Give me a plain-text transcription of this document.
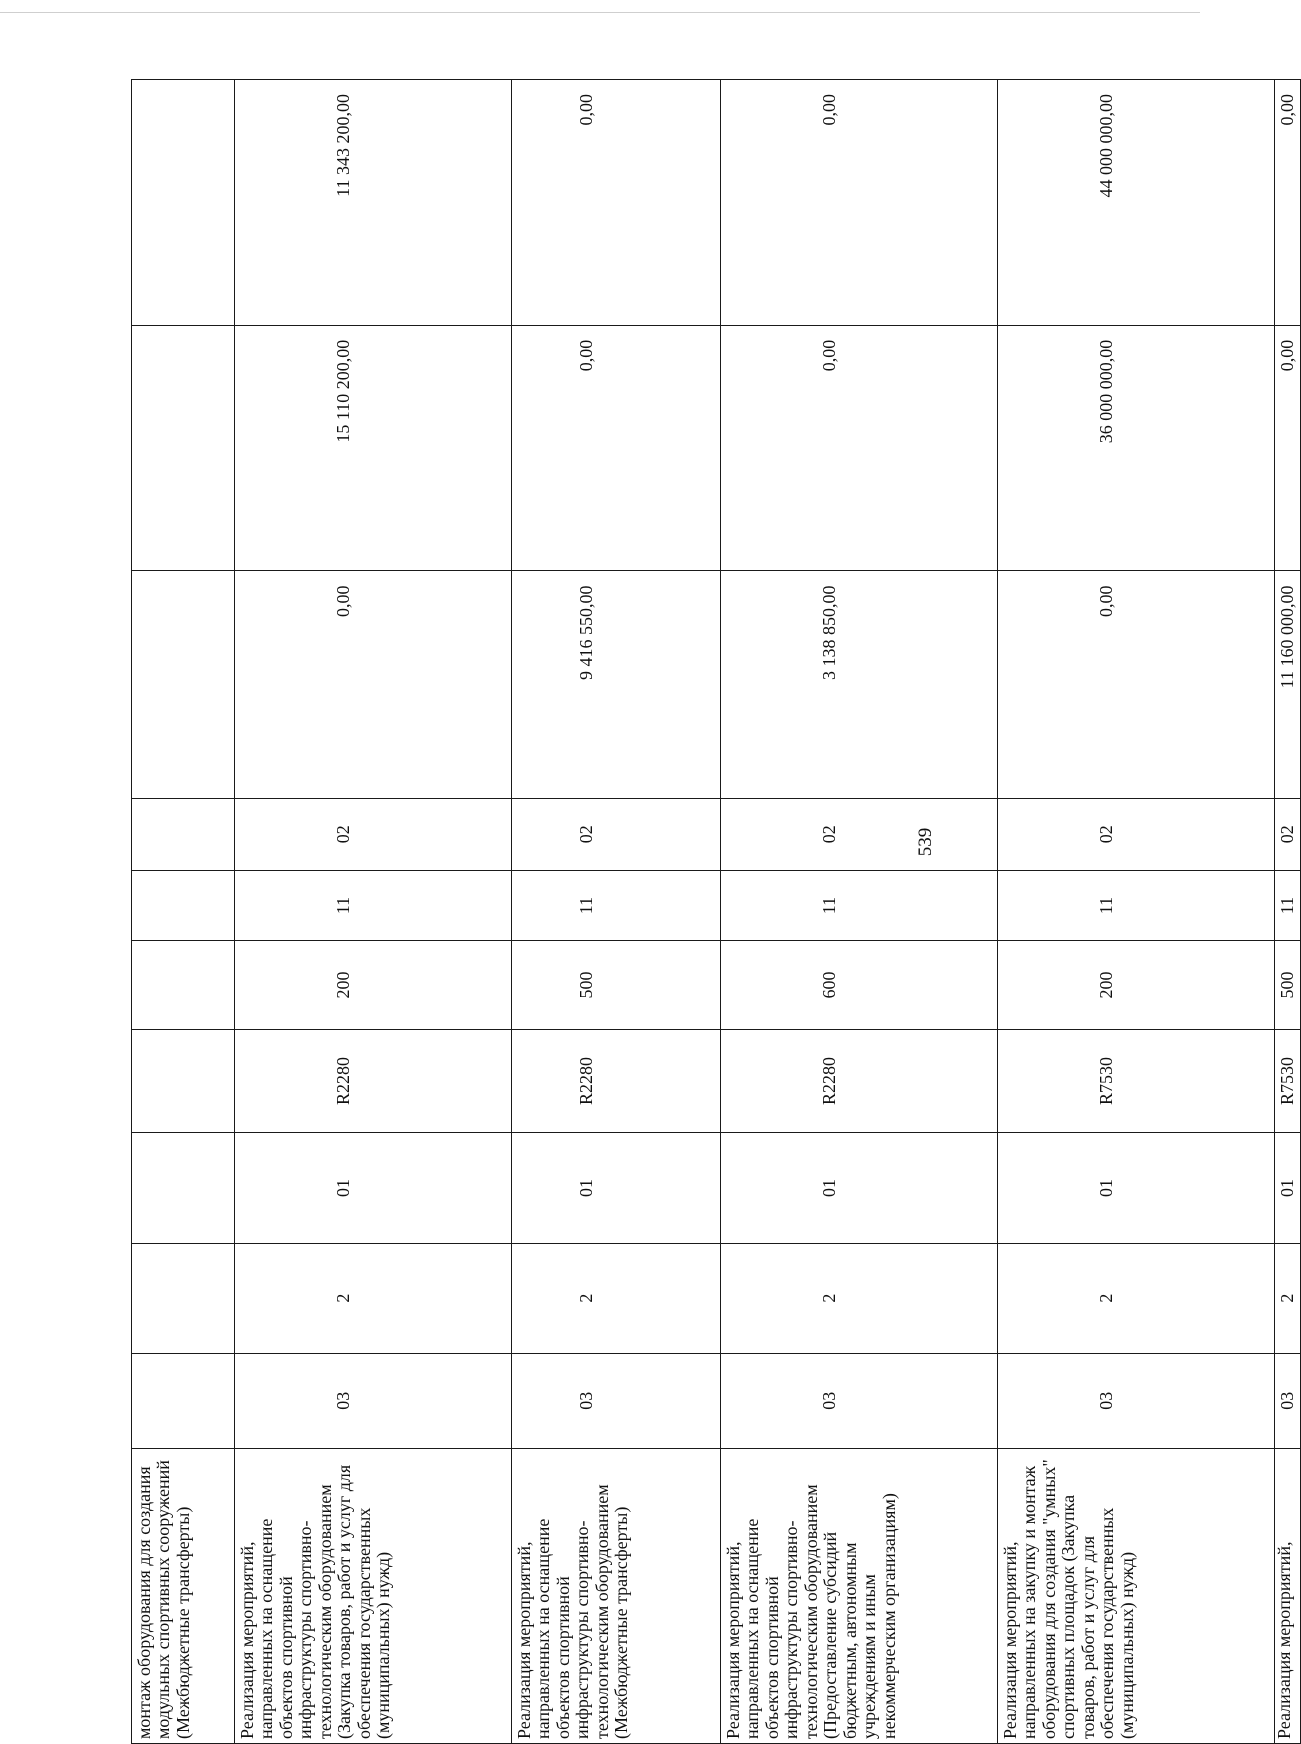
539
монтаж оборудования для создания модульных спортивных сооружений (Межбюджетные трансферты)										
Реализация мероприятий, направленных на оснащение объектов спортивной инфраструктуры спортивно-технологическим оборудованием (Закупка товаров, работ и услуг для обеспечения государственных (муниципальных) нужд)	03	2	01	R2280	200	11	02	0,00	15 110 200,00	11 343 200,00
Реализация мероприятий, направленных на оснащение объектов спортивной инфраструктуры спортивно-технологическим оборудованием (Межбюджетные трансферты)	03	2	01	R2280	500	11	02	9 416 550,00	0,00	0,00
Реализация мероприятий, направленных на оснащение объектов спортивной инфраструктуры спортивно-технологическим оборудованием (Предоставление субсидий бюджетным, автономным учреждениям и иным некоммерческим организациям)	03	2	01	R2280	600	11	02	3 138 850,00	0,00	0,00
Реализация мероприятий, направленных на закупку и монтаж оборудования для создания "умных" спортивных площадок (Закупка товаров, работ и услуг для обеспечения государственных (муниципальных) нужд)	03	2	01	R7530	200	11	02	0,00	36 000 000,00	44 000 000,00
Реализация мероприятий,	03	2	01	R7530	500	11	02	11 160 000,00	0,00	0,00
